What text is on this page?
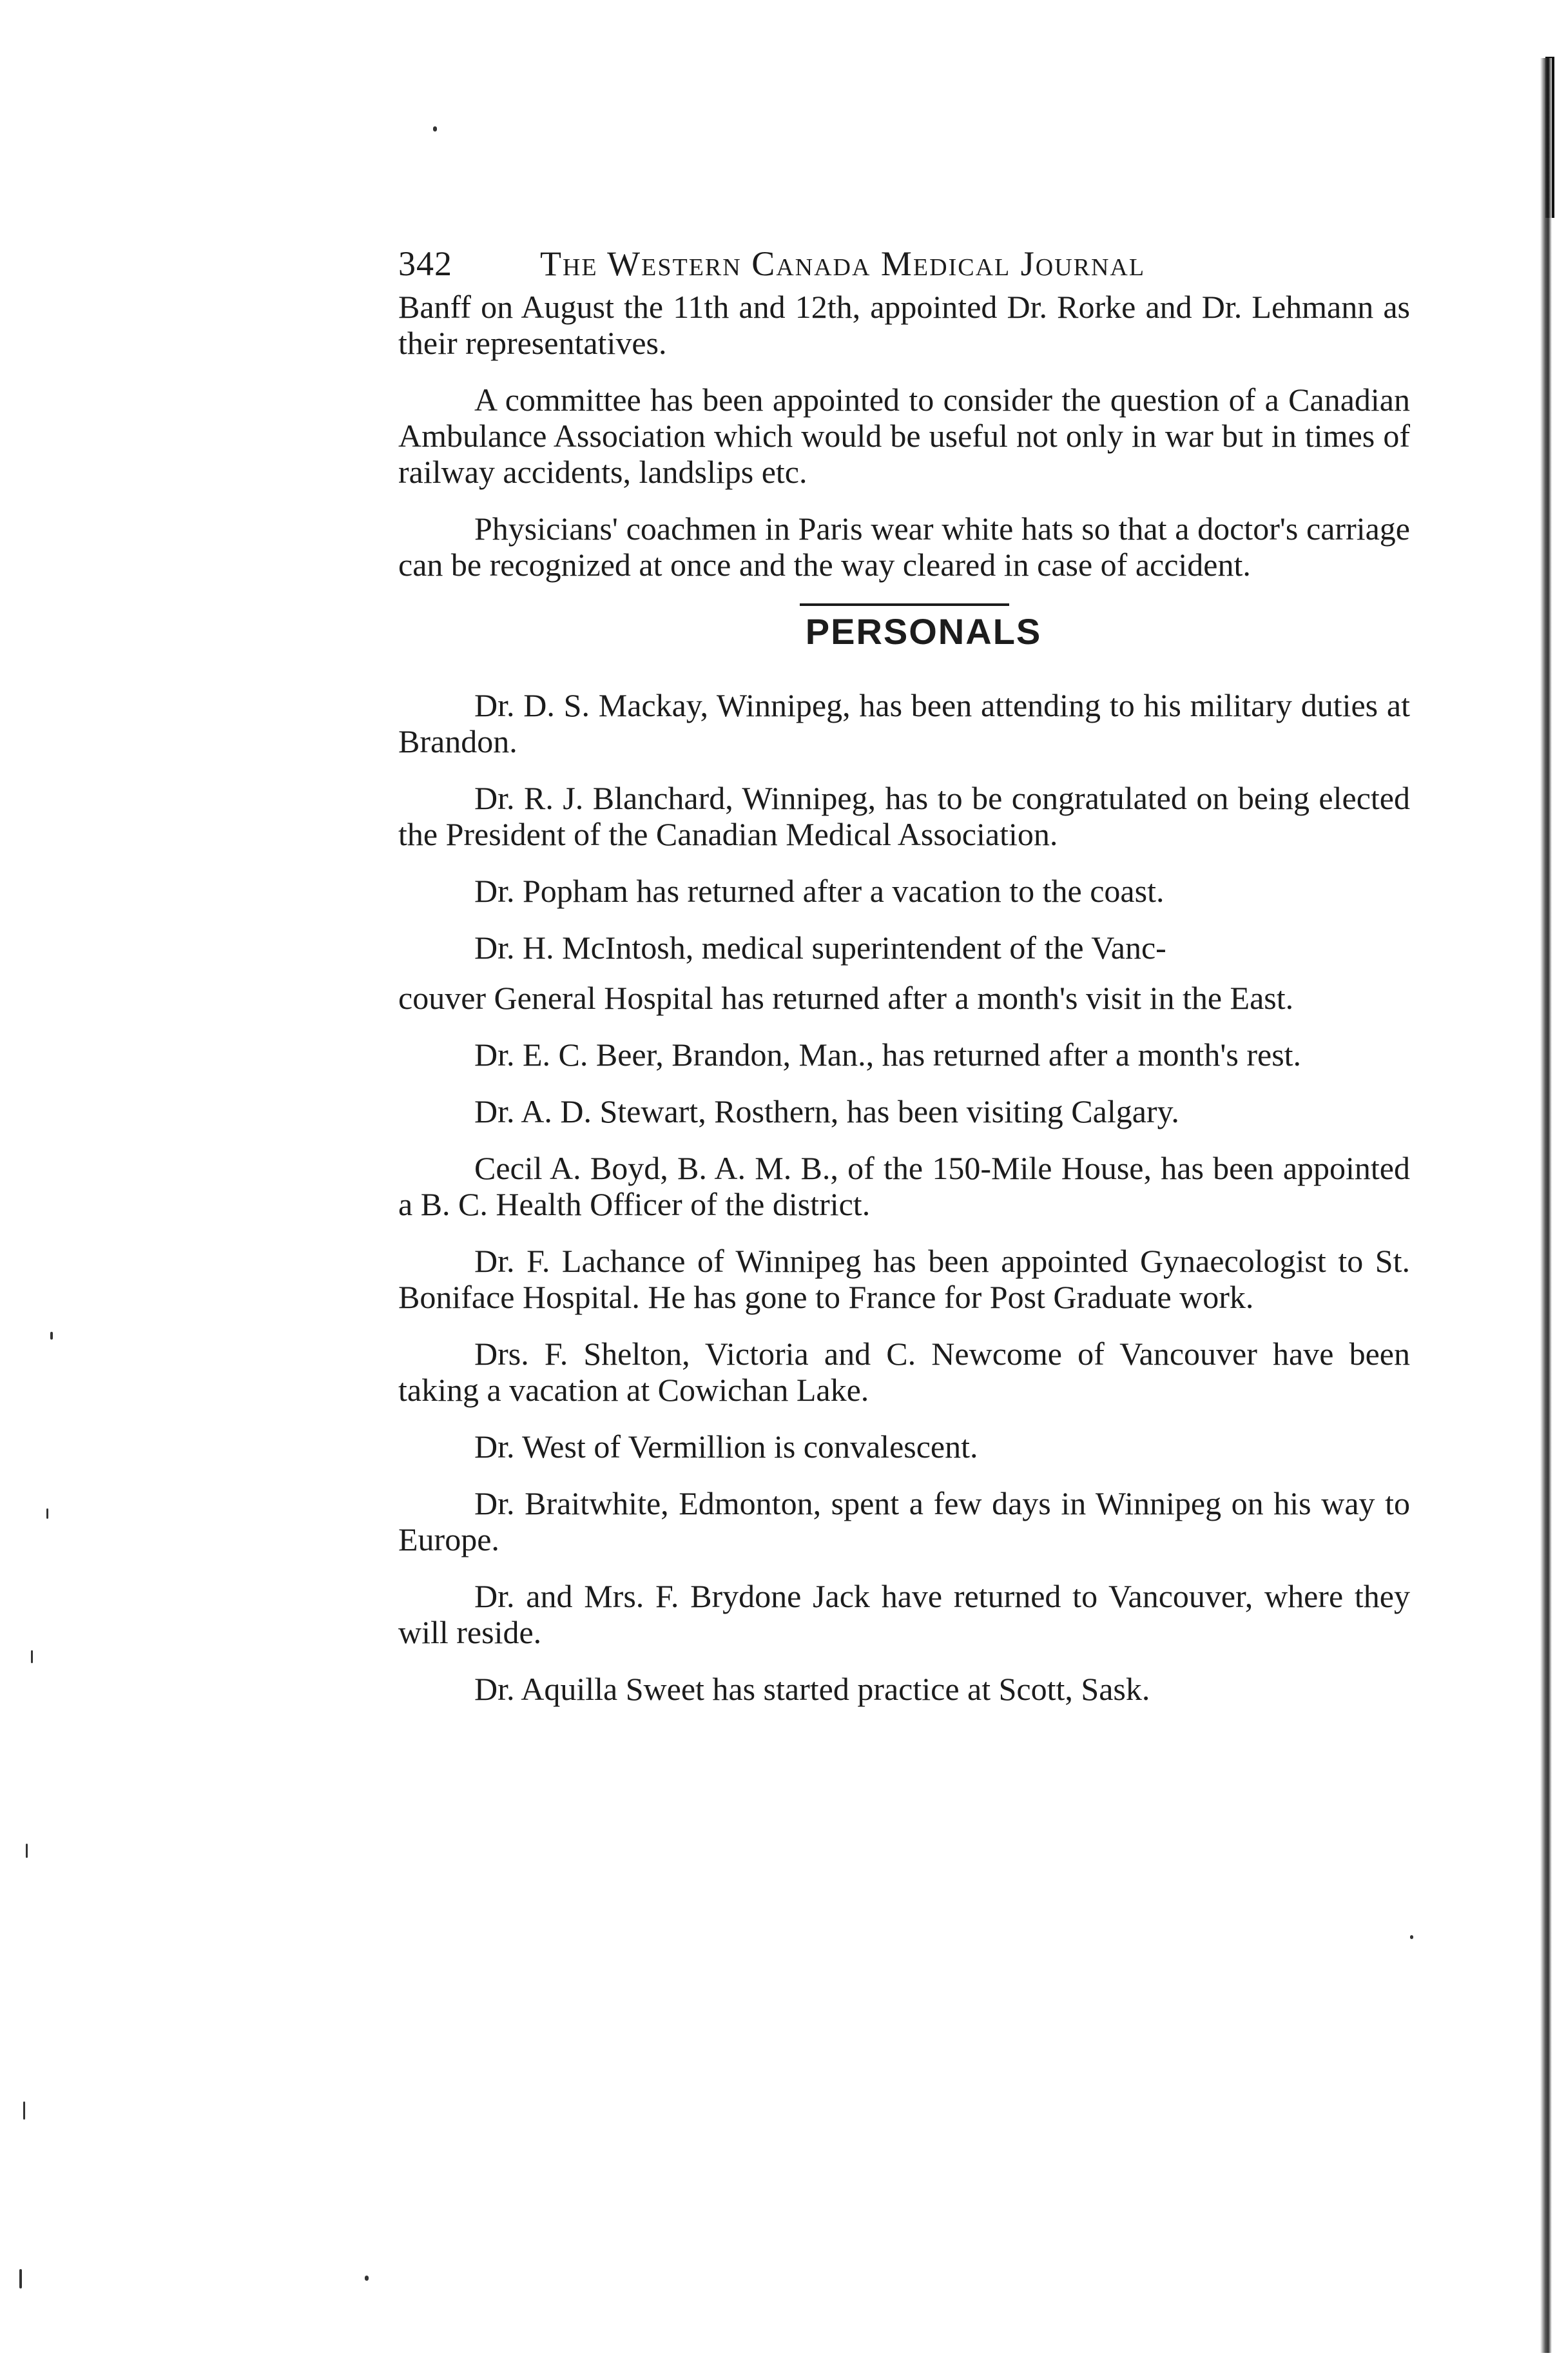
342	The Western Canada Medical Journal

Banff on August the 11th and 12th, appointed Dr. Rorke and Dr. Lehmann as their representatives.

A committee has been appointed to consider the question of a Canadian Ambulance Association which would be useful not only in war but in times of railway accidents, landslips etc.

Physicians' coachmen in Paris wear white hats so that a doctor's carriage can be recognized at once and the way cleared in case of accident.

PERSONALS

Dr. D. S. Mackay, Winnipeg, has been attending to his military duties at Brandon.

Dr. R. J. Blanchard, Winnipeg, has to be congratulated on being elected the President of the Canadian Medical Association.

Dr. Popham has returned after a vacation to the coast.

Dr. H. McIntosh, medical superintendent of the Vanc-

couver General Hospital has returned after a month's visit in the East.

Dr. E. C. Beer, Brandon, Man., has returned after a month's rest.

Dr. A. D. Stewart, Rosthern, has been visiting Calgary.

Cecil A. Boyd, B. A. M. B., of the 150-Mile House, has been appointed a B. C. Health Officer of the district.

Dr. F. Lachance of Winnipeg has been appointed Gynaecologist to St. Boniface Hospital. He has gone to France for Post Graduate work.

Drs. F. Shelton, Victoria and C. Newcome of Vancouver have been taking a vacation at Cowichan Lake.

Dr. West of Vermillion is convalescent.

Dr. Braitwhite, Edmonton, spent a few days in Winnipeg on his way to Europe.

Dr. and Mrs. F. Brydone Jack have returned to Vancouver, where they will reside.

Dr. Aquilla Sweet has started practice at Scott, Sask.
